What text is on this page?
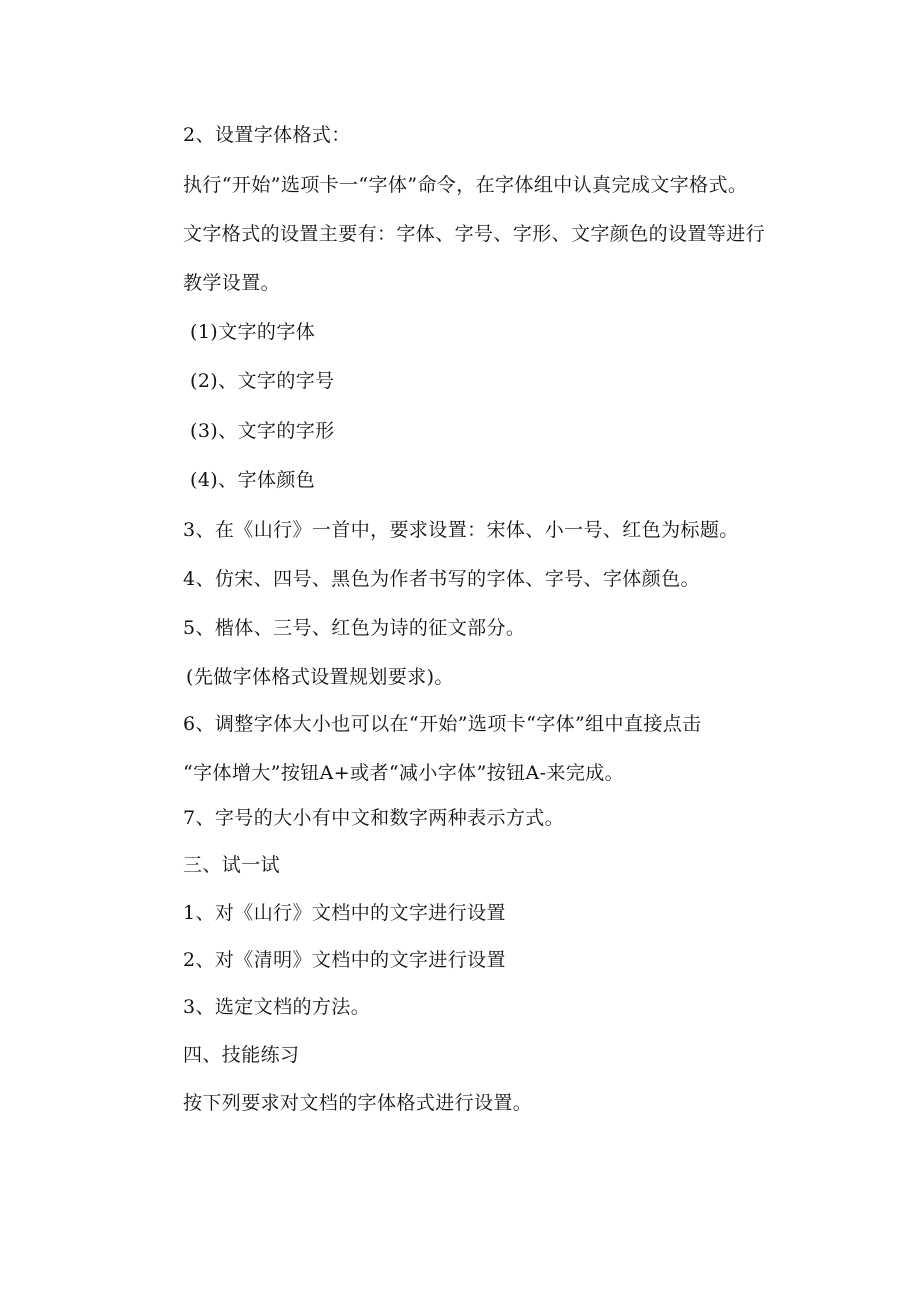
2、设置字体格式：
执行“开始”选项卡一“字体”命令，在字体组中认真完成文字格式。
文字格式的设置主要有：字体、字号、字形、文字颜色的设置等进行
教学设置。
(1)文字的字体
(2)、文字的字号
(3)、文字的字形
(4)、字体颜色
3、在《山行》一首中，要求设置：宋体、小一号、红色为标题。
4、仿宋、四号、黑色为作者书写的字体、字号、字体颜色。
5、楷体、三号、红色为诗的征文部分。
(先做字体格式设置规划要求)。
6、调整字体大小也可以在“开始”选项卡“字体”组中直接点击
“字体增大”按钮A+或者“减小字体”按钮A-来完成。
7、字号的大小有中文和数字两种表示方式。
三、试一试
1、对《山行》文档中的文字进行设置
2、对《清明》文档中的文字进行设置
3、选定文档的方法。
四、技能练习
按下列要求对文档的字体格式进行设置。
